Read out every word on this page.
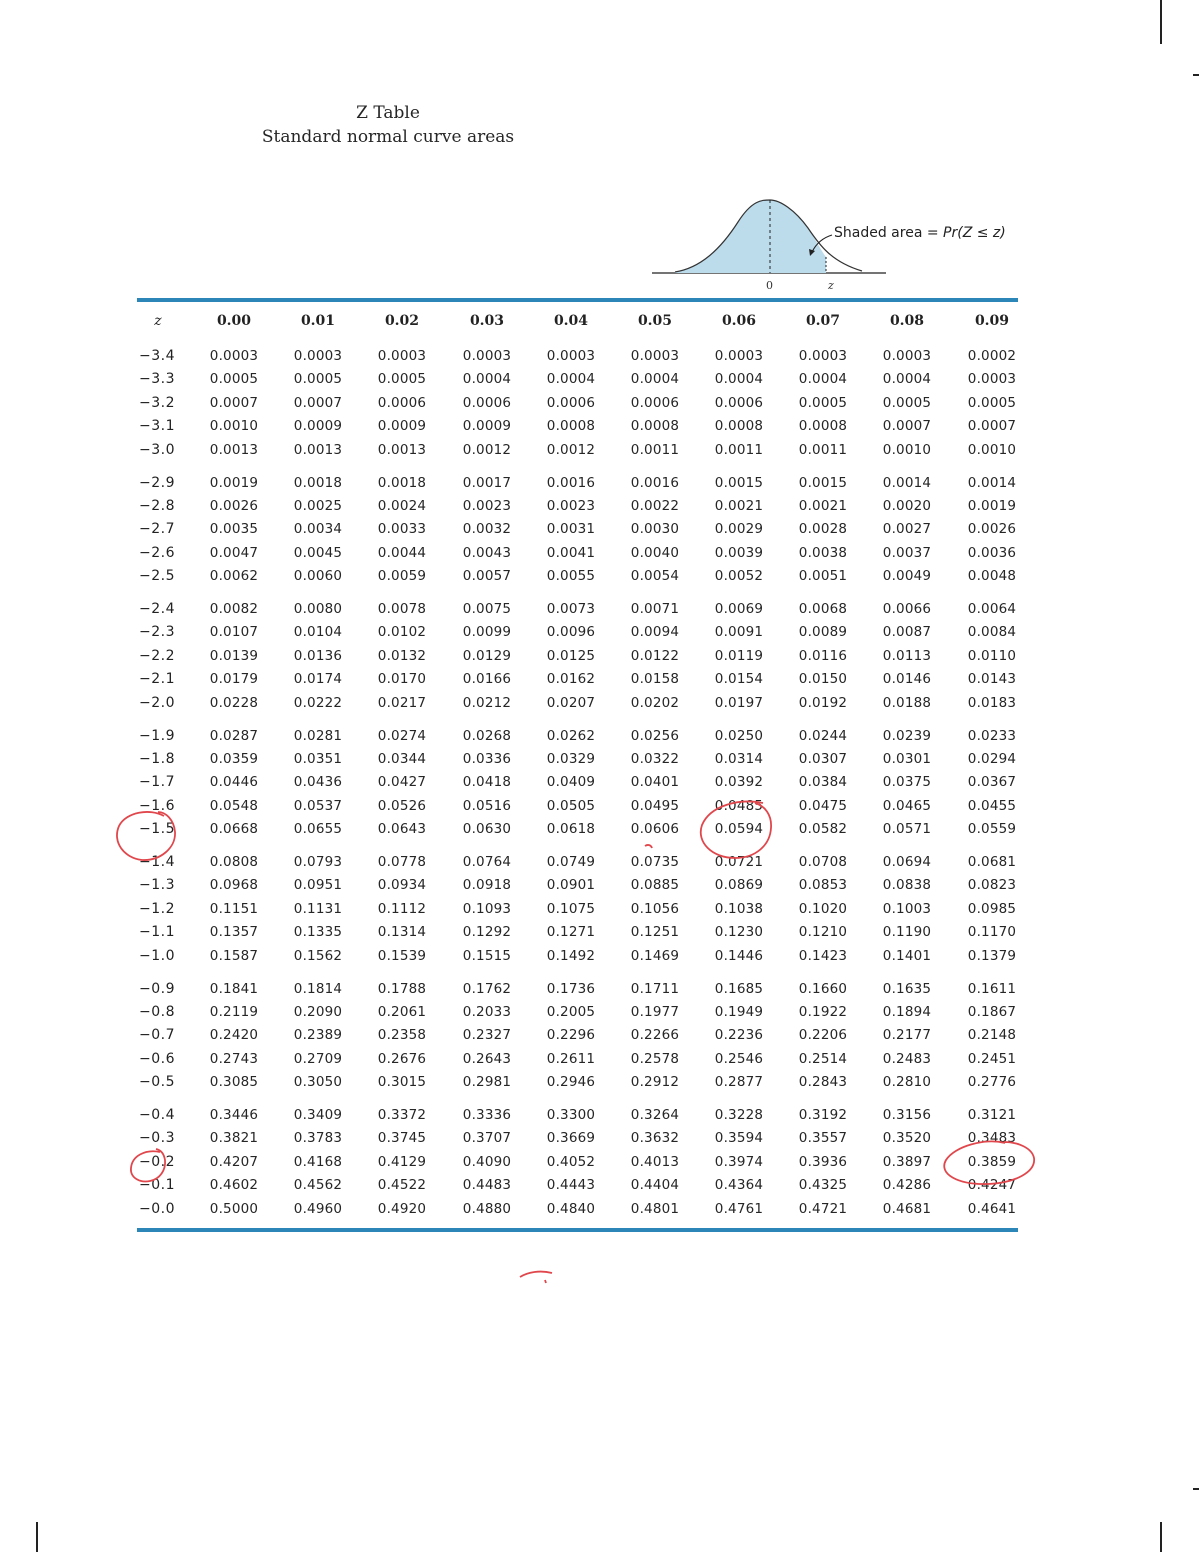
Z Table
Standard normal curve areas
Shaded area = Pr(Z ≤ z)
0	z
z	0.00	0.01	0.02	0.03	0.04	0.05	0.06	0.07	0.08	0.09
−3.4	0.0003	0.0003	0.0003	0.0003	0.0003	0.0003	0.0003	0.0003	0.0003	0.0002
−3.3	0.0005	0.0005	0.0005	0.0004	0.0004	0.0004	0.0004	0.0004	0.0004	0.0003
−3.2	0.0007	0.0007	0.0006	0.0006	0.0006	0.0006	0.0006	0.0005	0.0005	0.0005
−3.1	0.0010	0.0009	0.0009	0.0009	0.0008	0.0008	0.0008	0.0008	0.0007	0.0007
−3.0	0.0013	0.0013	0.0013	0.0012	0.0012	0.0011	0.0011	0.0011	0.0010	0.0010
−2.9	0.0019	0.0018	0.0018	0.0017	0.0016	0.0016	0.0015	0.0015	0.0014	0.0014
−2.8	0.0026	0.0025	0.0024	0.0023	0.0023	0.0022	0.0021	0.0021	0.0020	0.0019
−2.7	0.0035	0.0034	0.0033	0.0032	0.0031	0.0030	0.0029	0.0028	0.0027	0.0026
−2.6	0.0047	0.0045	0.0044	0.0043	0.0041	0.0040	0.0039	0.0038	0.0037	0.0036
−2.5	0.0062	0.0060	0.0059	0.0057	0.0055	0.0054	0.0052	0.0051	0.0049	0.0048
−2.4	0.0082	0.0080	0.0078	0.0075	0.0073	0.0071	0.0069	0.0068	0.0066	0.0064
−2.3	0.0107	0.0104	0.0102	0.0099	0.0096	0.0094	0.0091	0.0089	0.0087	0.0084
−2.2	0.0139	0.0136	0.0132	0.0129	0.0125	0.0122	0.0119	0.0116	0.0113	0.0110
−2.1	0.0179	0.0174	0.0170	0.0166	0.0162	0.0158	0.0154	0.0150	0.0146	0.0143
−2.0	0.0228	0.0222	0.0217	0.0212	0.0207	0.0202	0.0197	0.0192	0.0188	0.0183
−1.9	0.0287	0.0281	0.0274	0.0268	0.0262	0.0256	0.0250	0.0244	0.0239	0.0233
−1.8	0.0359	0.0351	0.0344	0.0336	0.0329	0.0322	0.0314	0.0307	0.0301	0.0294
−1.7	0.0446	0.0436	0.0427	0.0418	0.0409	0.0401	0.0392	0.0384	0.0375	0.0367
−1.6	0.0548	0.0537	0.0526	0.0516	0.0505	0.0495	0.0485	0.0475	0.0465	0.0455
−1.5	0.0668	0.0655	0.0643	0.0630	0.0618	0.0606	0.0594	0.0582	0.0571	0.0559
−1.4	0.0808	0.0793	0.0778	0.0764	0.0749	0.0735	0.0721	0.0708	0.0694	0.0681
−1.3	0.0968	0.0951	0.0934	0.0918	0.0901	0.0885	0.0869	0.0853	0.0838	0.0823
−1.2	0.1151	0.1131	0.1112	0.1093	0.1075	0.1056	0.1038	0.1020	0.1003	0.0985
−1.1	0.1357	0.1335	0.1314	0.1292	0.1271	0.1251	0.1230	0.1210	0.1190	0.1170
−1.0	0.1587	0.1562	0.1539	0.1515	0.1492	0.1469	0.1446	0.1423	0.1401	0.1379
−0.9	0.1841	0.1814	0.1788	0.1762	0.1736	0.1711	0.1685	0.1660	0.1635	0.1611
−0.8	0.2119	0.2090	0.2061	0.2033	0.2005	0.1977	0.1949	0.1922	0.1894	0.1867
−0.7	0.2420	0.2389	0.2358	0.2327	0.2296	0.2266	0.2236	0.2206	0.2177	0.2148
−0.6	0.2743	0.2709	0.2676	0.2643	0.2611	0.2578	0.2546	0.2514	0.2483	0.2451
−0.5	0.3085	0.3050	0.3015	0.2981	0.2946	0.2912	0.2877	0.2843	0.2810	0.2776
−0.4	0.3446	0.3409	0.3372	0.3336	0.3300	0.3264	0.3228	0.3192	0.3156	0.3121
−0.3	0.3821	0.3783	0.3745	0.3707	0.3669	0.3632	0.3594	0.3557	0.3520	0.3483
−0.2	0.4207	0.4168	0.4129	0.4090	0.4052	0.4013	0.3974	0.3936	0.3897	0.3859
−0.1	0.4602	0.4562	0.4522	0.4483	0.4443	0.4404	0.4364	0.4325	0.4286	0.4247
−0.0	0.5000	0.4960	0.4920	0.4880	0.4840	0.4801	0.4761	0.4721	0.4681	0.4641
